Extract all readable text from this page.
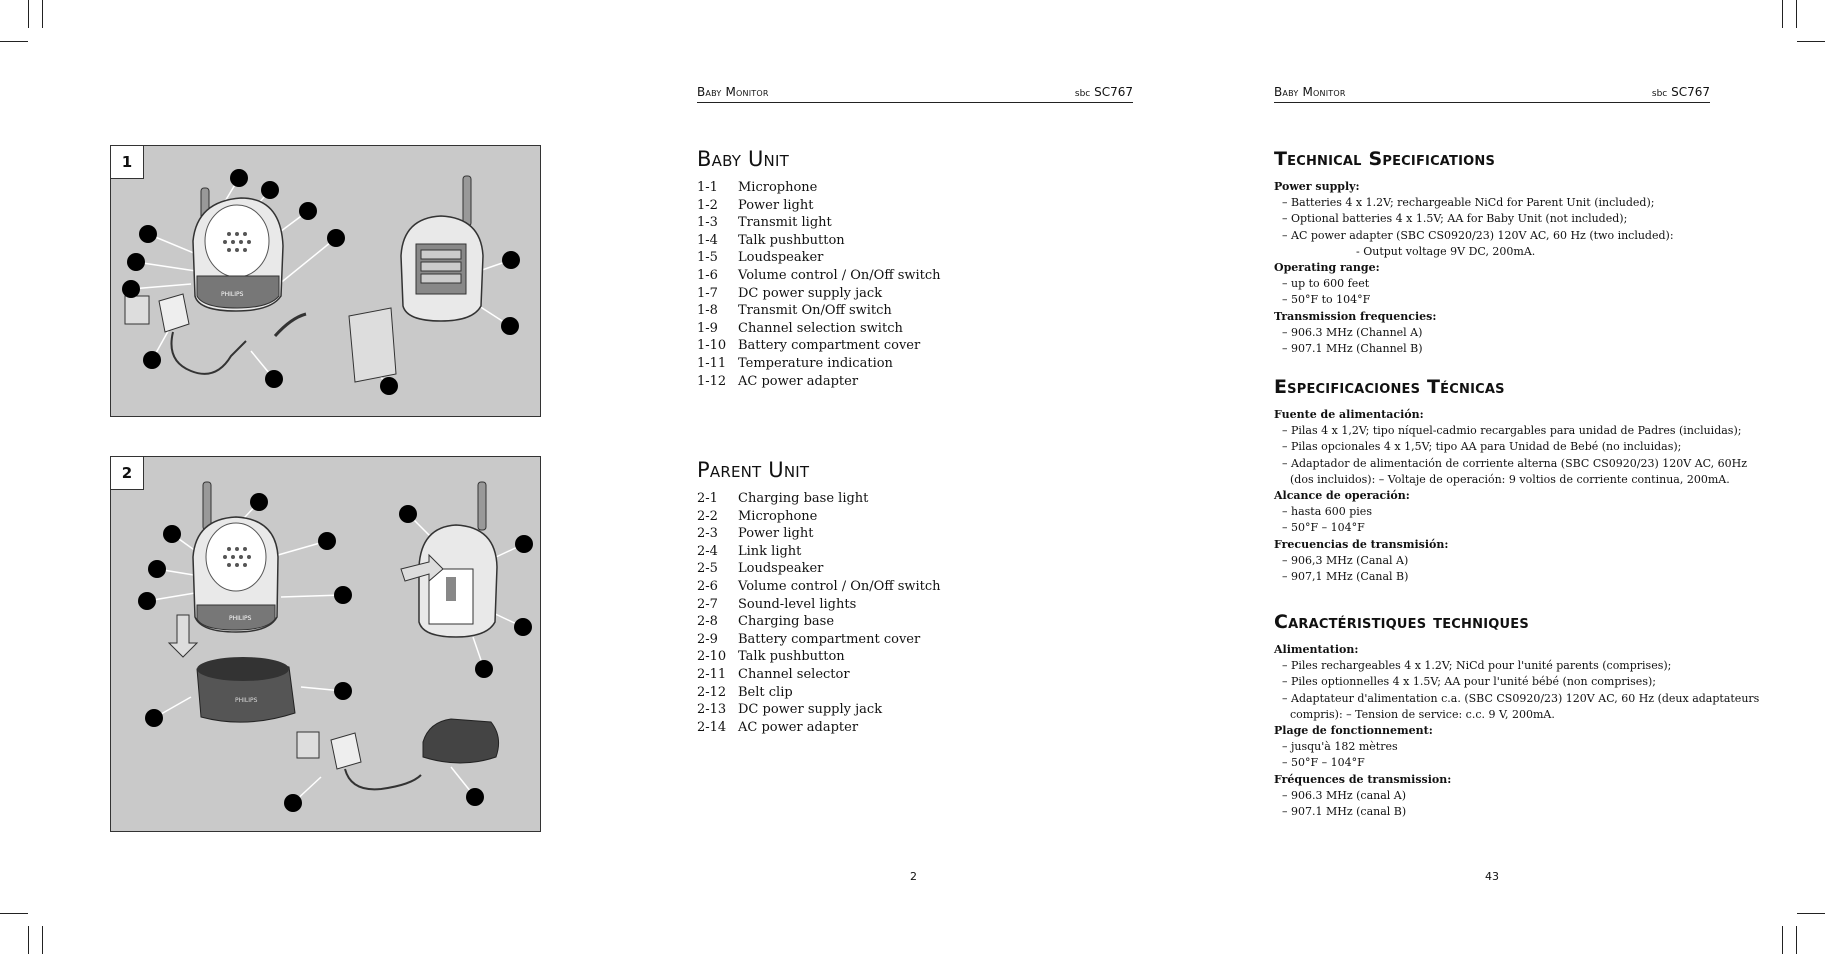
Baby Monitor	sbc SC767
PHILIPS
1
PHILIPS
PHILIPS
2
Baby Unit
1-1 Microphone
1-2 Power light
1-3 Transmit light
1-4 Talk pushbutton
1-5 Loudspeaker
1-6 Volume control / On/Off switch
1-7 DC power supply jack
1-8 Transmit On/Off switch
1-9 Channel selection switch
1-10 Battery compartment cover
1-11 Temperature indication
1-12 AC power adapter
Parent Unit
2-1 Charging base light
2-2 Microphone
2-3 Power light
2-4 Link light
2-5 Loudspeaker
2-6 Volume control / On/Off switch
2-7 Sound-level lights
2-8 Charging base
2-9 Battery compartment cover
2-10 Talk pushbutton
2-11 Channel selector
2-12 Belt clip
2-13 DC power supply jack
2-14 AC power adapter
2
Baby Monitor	sbc SC767
Technical Specifications
Power supply:
– Batteries 4 x 1.2V; rechargeable NiCd for Parent Unit (included);
– Optional batteries 4 x 1.5V; AA for Baby Unit (not included);
– AC power adapter (SBC CS0920/23) 120V AC, 60 Hz (two included):
- Output voltage 9V DC, 200mA.
Operating range:
– up to 600 feet
– 50°F to 104°F
Transmission frequencies:
– 906.3 MHz (Channel A)
– 907.1 MHz (Channel B)
Especificaciones Técnicas
Fuente de alimentación:
– Pilas 4 x 1,2V; tipo níquel-cadmio recargables para unidad de Padres (incluidas);
– Pilas opcionales 4 x 1,5V; tipo AA para Unidad de Bebé (no incluidas);
– Adaptador de alimentación de corriente alterna (SBC CS0920/23) 120V AC, 60Hz
(dos incluidos): – Voltaje de operación: 9 voltios de corriente continua, 200mA.
Alcance de operación:
– hasta 600 pies
– 50°F – 104°F
Frecuencias de transmisión:
– 906,3 MHz (Canal A)
– 907,1 MHz (Canal B)
Caractéristiques techniques
Alimentation:
– Piles rechargeables 4 x 1.2V; NiCd pour l'unité parents (comprises);
– Piles optionnelles 4 x 1.5V; AA pour l'unité bébé (non comprises);
– Adaptateur d'alimentation c.a. (SBC CS0920/23) 120V AC, 60 Hz (deux adaptateurs
compris): – Tension de service: c.c. 9 V, 200mA.
Plage de fonctionnement:
– jusqu'à 182 mètres
– 50°F – 104°F
Fréquences de transmission:
– 906.3 MHz (canal A)
– 907.1 MHz (canal B)
43
